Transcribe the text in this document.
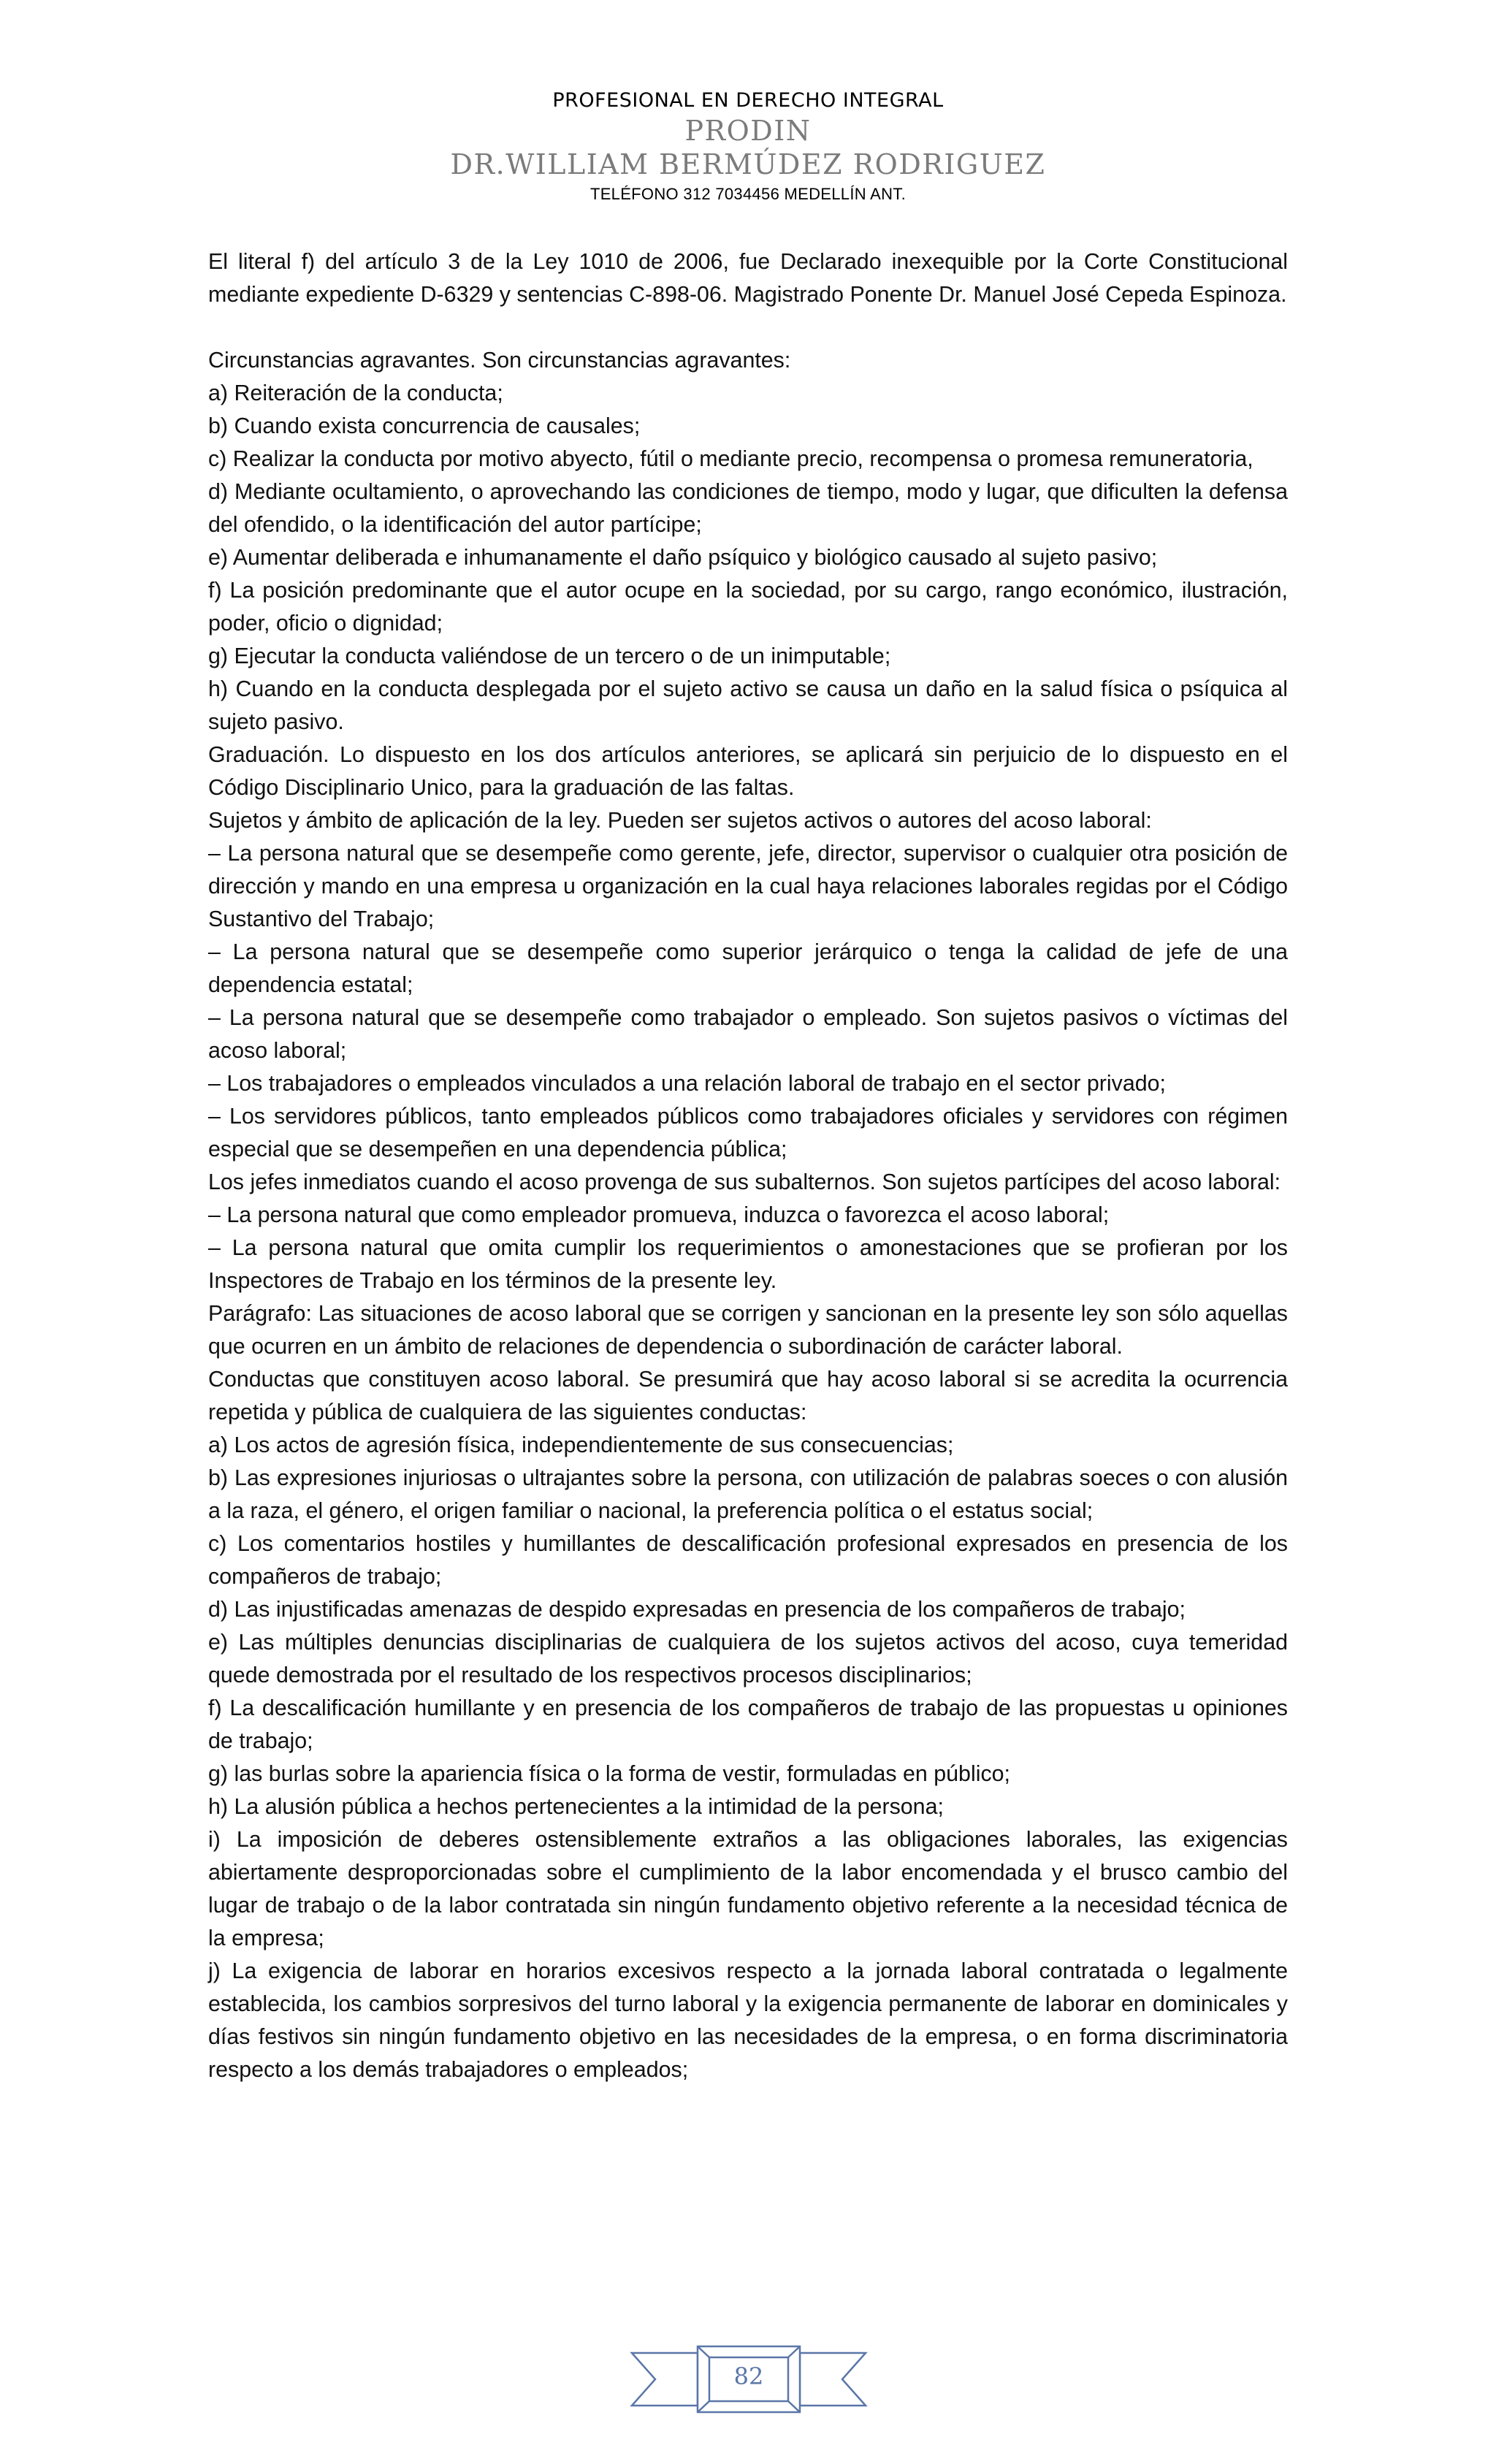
PROFESIONAL EN DERECHO INTEGRAL
PRODIN
DR.WILLIAM BERMÚDEZ RODRIGUEZ
TELÉFONO 312 7034456 MEDELLÍN ANT.

El literal f) del artículo 3 de la Ley 1010 de 2006, fue Declarado inexequible por la Corte Constitucional mediante expediente D-6329 y sentencias C-898-06. Magistrado Ponente Dr. Manuel José Cepeda Espinoza.

Circunstancias agravantes. Son circunstancias agravantes:

a) Reiteración de la conducta;

b) Cuando exista concurrencia de causales;

c) Realizar la conducta por motivo abyecto, fútil o mediante precio, recompensa o promesa remuneratoria,

d) Mediante ocultamiento, o aprovechando las condiciones de tiempo, modo y lugar, que dificulten la defensa del ofendido, o la identificación del autor partícipe;

e) Aumentar deliberada e inhumanamente el daño psíquico y biológico causado al sujeto pasivo;

f) La posición predominante que el autor ocupe en la sociedad, por su cargo, rango económico, ilustración, poder, oficio o dignidad;

g) Ejecutar la conducta valiéndose de un tercero o de un inimputable;

h) Cuando en la conducta desplegada por el sujeto activo se causa un daño en la salud física o psíquica al sujeto pasivo.

Graduación. Lo dispuesto en los dos artículos anteriores, se aplicará sin perjuicio de lo dispuesto en el Código Disciplinario Unico, para la graduación de las faltas.

Sujetos y ámbito de aplicación de la ley. Pueden ser sujetos activos o autores del acoso laboral:

– La persona natural que se desempeñe como gerente, jefe, director, supervisor o cualquier otra posición de dirección y mando en una empresa u organización en la cual haya relaciones laborales regidas por el Código Sustantivo del Trabajo;

– La persona natural que se desempeñe como superior jerárquico o tenga la calidad de jefe de una dependencia estatal;

– La persona natural que se desempeñe como trabajador o empleado. Son sujetos pasivos o víctimas del acoso laboral;

– Los trabajadores o empleados vinculados a una relación laboral de trabajo en el sector privado;

– Los servidores públicos, tanto empleados públicos como trabajadores oficiales y servidores con régimen especial que se desempeñen en una dependencia pública;

Los jefes inmediatos cuando el acoso provenga de sus subalternos. Son sujetos partícipes del acoso laboral:

– La persona natural que como empleador promueva, induzca o favorezca el acoso laboral;

– La persona natural que omita cumplir los requerimientos o amonestaciones que se profieran por los Inspectores de Trabajo en los términos de la presente ley.

Parágrafo: Las situaciones de acoso laboral que se corrigen y sancionan en la presente ley son sólo aquellas que ocurren en un ámbito de relaciones de dependencia o subordinación de carácter laboral.

Conductas que constituyen acoso laboral. Se presumirá que hay acoso laboral si se acredita la ocurrencia repetida y pública de cualquiera de las siguientes conductas:

a) Los actos de agresión física, independientemente de sus consecuencias;

b) Las expresiones injuriosas o ultrajantes sobre la persona, con utilización de palabras soeces o con alusión a la raza, el género, el origen familiar o nacional, la preferencia política o el estatus social;

c) Los comentarios hostiles y humillantes de descalificación profesional expresados en presencia de los compañeros de trabajo;

d) Las injustificadas amenazas de despido expresadas en presencia de los compañeros de trabajo;

e) Las múltiples denuncias disciplinarias de cualquiera de los sujetos activos del acoso, cuya temeridad quede demostrada por el resultado de los respectivos procesos disciplinarios;

f) La descalificación humillante y en presencia de los compañeros de trabajo de las propuestas u opiniones de trabajo;

g) las burlas sobre la apariencia física o la forma de vestir, formuladas en público;

h) La alusión pública a hechos pertenecientes a la intimidad de la persona;

i) La imposición de deberes ostensiblemente extraños a las obligaciones laborales, las exigencias abiertamente desproporcionadas sobre el cumplimiento de la labor encomendada y el brusco cambio del lugar de trabajo o de la labor contratada sin ningún fundamento objetivo referente a la necesidad técnica de la empresa;

j) La exigencia de laborar en horarios excesivos respecto a la jornada laboral contratada o legalmente establecida, los cambios sorpresivos del turno laboral y la exigencia permanente de laborar en dominicales y días festivos sin ningún fundamento objetivo en las necesidades de la empresa, o en forma discriminatoria respecto a los demás trabajadores o empleados;

82
